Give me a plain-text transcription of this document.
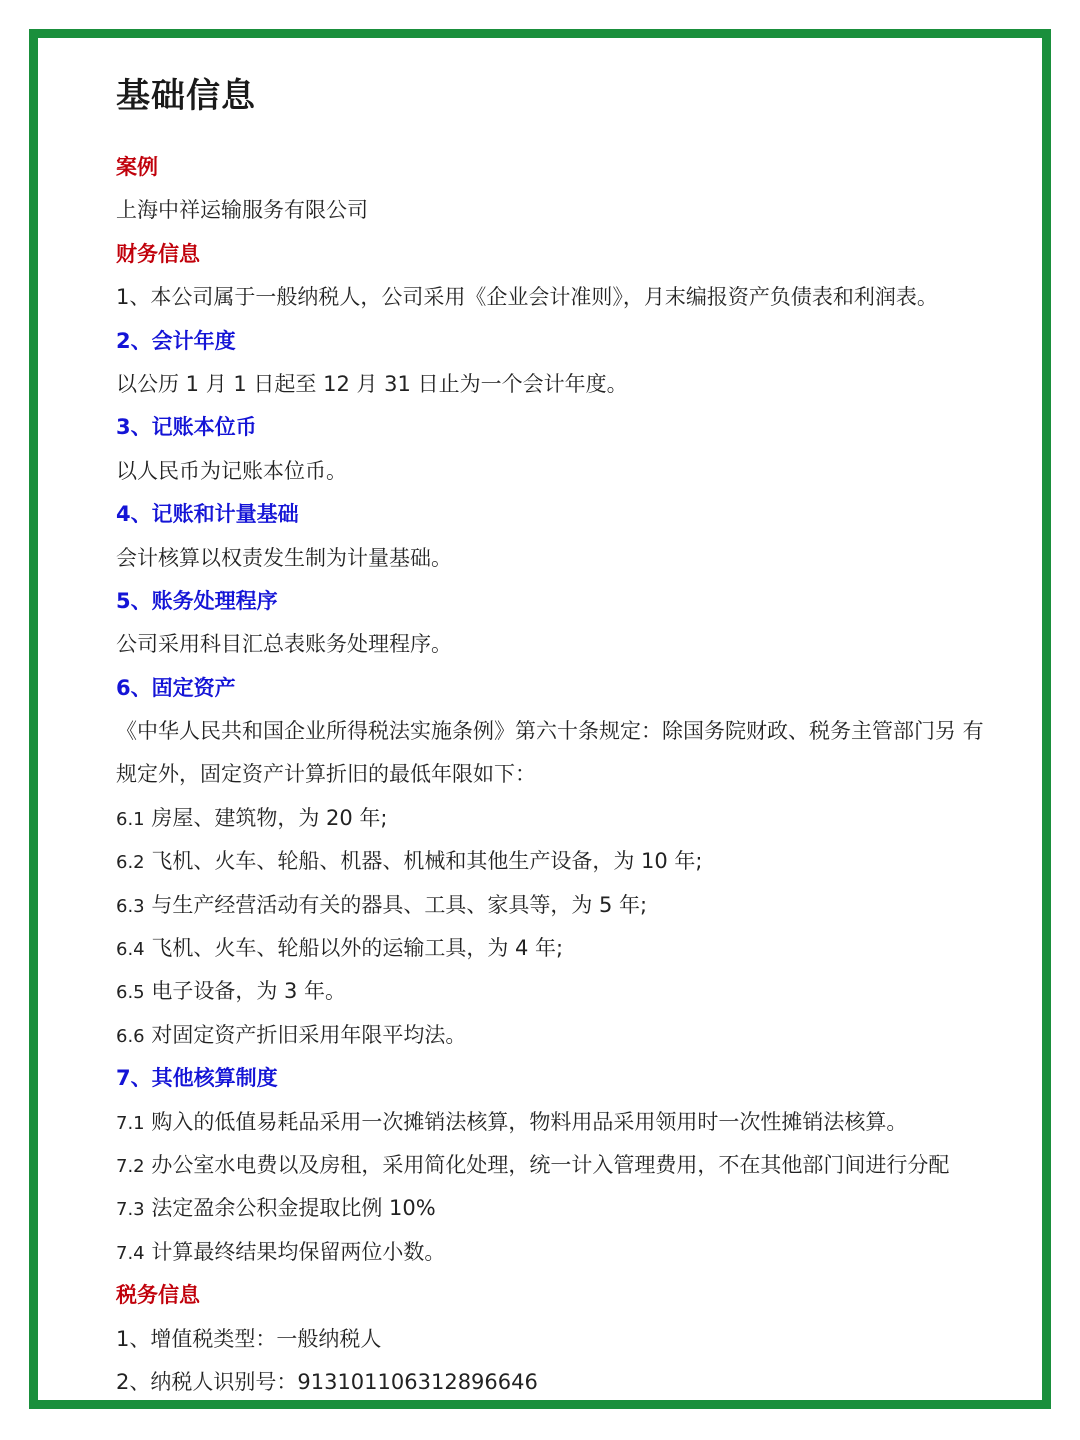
基础信息
案例
上海中祥运输服务有限公司
财务信息
1、本公司属于一般纳税人，公司采用《企业会计准则》，月末编报资产负债表和利润表。
2、会计年度
以公历 1 月 1 日起至 12 月 31 日止为一个会计年度。
3、记账本位币
以人民币为记账本位币。
4、记账和计量基础
会计核算以权责发生制为计量基础。
5、账务处理程序
公司采用科目汇总表账务处理程序。
6、固定资产
《中华人民共和国企业所得税法实施条例》第六十条规定：除国务院财政、税务主管部门另 有
规定外，固定资产计算折旧的最低年限如下：
6.1 房屋、建筑物，为 20 年;
6.2 飞机、火车、轮船、机器、机械和其他生产设备，为 10 年;
6.3 与生产经营活动有关的器具、工具、家具等，为 5 年;
6.4 飞机、火车、轮船以外的运输工具，为 4 年;
6.5 电子设备，为 3 年。
6.6 对固定资产折旧采用年限平均法。
7、其他核算制度
7.1 购入的低值易耗品采用一次摊销法核算，物料用品采用领用时一次性摊销法核算。
7.2 办公室水电费以及房租，采用简化处理，统一计入管理费用，不在其他部门间进行分配
7.3 法定盈余公积金提取比例 10%
7.4 计算最终结果均保留两位小数。
税务信息
1、增值税类型：一般纳税人
2、纳税人识别号：913101106312896646
